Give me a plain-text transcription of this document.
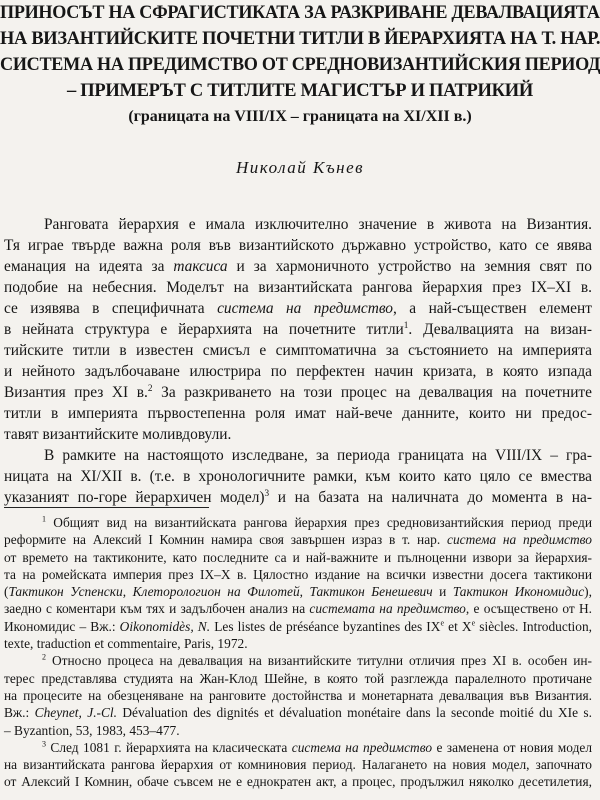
ПРИНОСЪТ НА СФРАГИСТИКАТА ЗА РАЗКРИВАНЕ ДЕВАЛВАЦИЯТА
НА ВИЗАНТИЙСКИТЕ ПОЧЕТНИ ТИТЛИ В ЙЕРАРХИЯТА НА Т. НАР.
СИСТЕМА НА ПРЕДИМСТВО ОТ СРЕДНОВИЗАНТИЙСКИЯ ПЕРИОД
– ПРИМЕРЪТ С ТИТЛИТЕ МАГИСТЪР И ПАТРИКИЙ
(границата на VIII/IX – границата на XI/XII в.)
Николай Кънев
Ранговата йерархия е имала изключително значение в живота на Византия.
Тя играе твърде важна роля във византийското държавно устройство, като се явява
еманация на идеята за таксиса и за хармоничното устройство на земния свят по
подобие на небесния. Моделът на византийската рангова йерархия през IX–XI в.
се изявява в специфичната система на предимство, а най-съществен елемент
в нейната структура е йерархията на почетните титли$^1$. Девалвацията на визан-
тийските титли в известен смисъл е симптоматична за състоянието на империята
и нейното задълбочаване илюстрира по перфектен начин кризата, в която изпада
Византия през XI в.$^2$ За разкриването на този процес на девалвация на почетните
титли в империята първостепенна роля имат най-вече данните, които ни предос-
тавят византийските моливдовули.
В рамките на настоящото изследване, за периода границата на VIII/IX – гра-
ницата на XI/XII в. (т.е. в хронологичните рамки, към които като цяло се вмества
указаният по-горе йерархичен модел)$^3$ и на базата на наличната до момента в на-
$^1$ Общият вид на византийската рангова йерархия през средновизантийския период преди
реформите на Алексий I Комнин намира своя завършен израз в т. нар. система на предимство
от времето на тактиконите, като последните са и най-важните и пълноценни извори за йерархия-
та на ромейската империя през IX–X в. Цялостно издание на всички известни досега тактикони
(Тактикон Успенски, Клеторологион на Филотей, Тактикон Бенешевич и Тактикон Икономидис),
заедно с коментари към тях и задълбочен анализ на системата на предимство, е осъществено от Н.
Икономидис – Вж.: Oikonomidès, N. Les listes de préséance byzantines des IXe et Xe siècles. Introduction,
texte, traduction et commentaire, Paris, 1972.
$^2$ Относно процеса на девалвация на византийските титулни отличия през XI в. особен ин-
терес представлява студията на Жан-Клод Шейне, в която той разглежда паралелното протичане
на процесите на обезценяване на ранговите достойнства и монетарната девалвация във Византия.
Вж.: Cheynet, J.-Cl. Dévaluation des dignités et dévaluation monétaire dans la seconde moitié du XIe s.
– Byzantion, 53, 1983, 453–477.
$^3$ След 1081 г. йерархията на класическата система на предимство е заменена от новия модел
на византийската рангова йерархия от комниновия период. Налагането на новия модел, започнато
от Алексий I Комнин, обаче съвсем не е еднократен акт, а процес, продължил няколко десетилетия,
